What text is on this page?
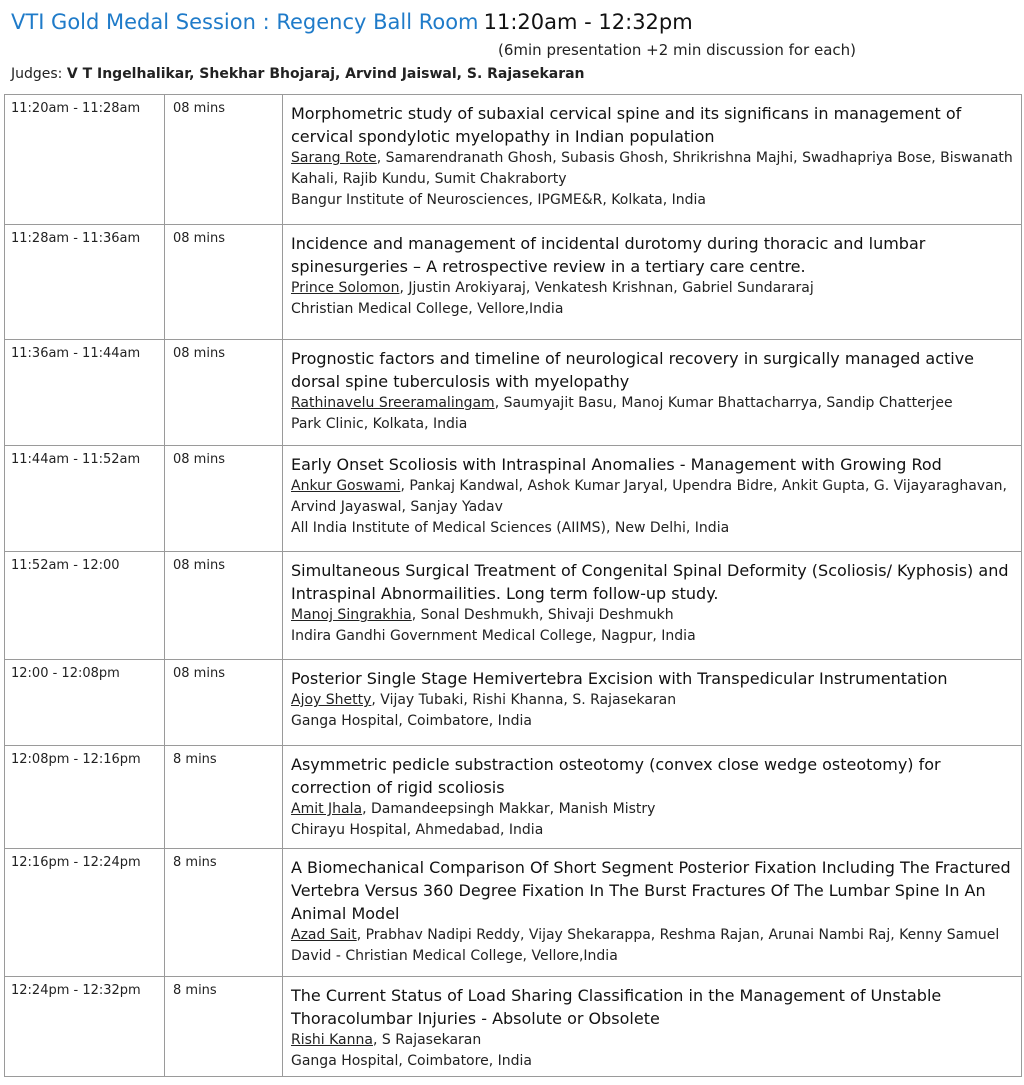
VTI Gold Medal Session : Regency Ball Room 11:20am - 12:32pm
(6min presentation +2 min discussion for each)
Judges: V T Ingelhalikar, Shekhar Bhojaraj, Arvind Jaiswal, S. Rajasekaran
11:20am - 11:28am	08 mins	Morphometric study of subaxial cervical spine and its significans in management of cervical spondylotic myelopathy in Indian population
Sarang Rote, Samarendranath Ghosh, Subasis Ghosh, Shrikrishna Majhi, Swadhapriya Bose, Biswanath Kahali, Rajib Kundu, Sumit Chakraborty
Bangur Institute of Neurosciences, IPGME&R, Kolkata, India

11:28am - 11:36am	08 mins	Incidence and management of incidental durotomy during thoracic and lumbar spinesurgeries – A retrospective review in a tertiary care centre.
Prince Solomon, Jjustin Arokiyaraj, Venkatesh Krishnan, Gabriel Sundararaj
Christian Medical College, Vellore,India

11:36am - 11:44am	08 mins	Prognostic factors and timeline of neurological recovery in surgically managed active dorsal spine tuberculosis with myelopathy
Rathinavelu Sreeramalingam, Saumyajit Basu, Manoj Kumar Bhattacharrya, Sandip Chatterjee
Park Clinic, Kolkata, India

11:44am - 11:52am	08 mins	Early Onset Scoliosis with Intraspinal Anomalies - Management with Growing Rod
Ankur Goswami, Pankaj Kandwal, Ashok Kumar Jaryal, Upendra Bidre, Ankit Gupta, G. Vijayaraghavan, Arvind Jayaswal, Sanjay Yadav
All India Institute of Medical Sciences (AIIMS), New Delhi, India

11:52am - 12:00	08 mins	Simultaneous Surgical Treatment of Congenital Spinal Deformity (Scoliosis/ Kyphosis) and Intraspinal Abnormailities. Long term follow-up study.
Manoj Singrakhia, Sonal Deshmukh, Shivaji Deshmukh
Indira Gandhi Government Medical College, Nagpur, India

12:00 - 12:08pm	08 mins	Posterior Single Stage Hemivertebra Excision with Transpedicular Instrumentation
Ajoy Shetty, Vijay Tubaki, Rishi Khanna, S. Rajasekaran
Ganga Hospital, Coimbatore, India

12:08pm - 12:16pm	8 mins	Asymmetric pedicle substraction osteotomy (convex close wedge osteotomy) for correction of rigid scoliosis
Amit Jhala, Damandeepsingh Makkar, Manish Mistry
Chirayu Hospital, Ahmedabad, India

12:16pm - 12:24pm	8 mins	A Biomechanical Comparison Of Short Segment Posterior Fixation Including The Fractured Vertebra Versus 360 Degree Fixation In The Burst Fractures Of The Lumbar Spine In An Animal Model
Azad Sait, Prabhav Nadipi Reddy, Vijay Shekarappa, Reshma Rajan, Arunai Nambi Raj, Kenny Samuel David - Christian Medical College, Vellore,India

12:24pm - 12:32pm	8 mins	The Current Status of Load Sharing Classification in the Management of Unstable Thoracolumbar Injuries - Absolute or Obsolete
Rishi Kanna, S Rajasekaran
Ganga Hospital, Coimbatore, India
